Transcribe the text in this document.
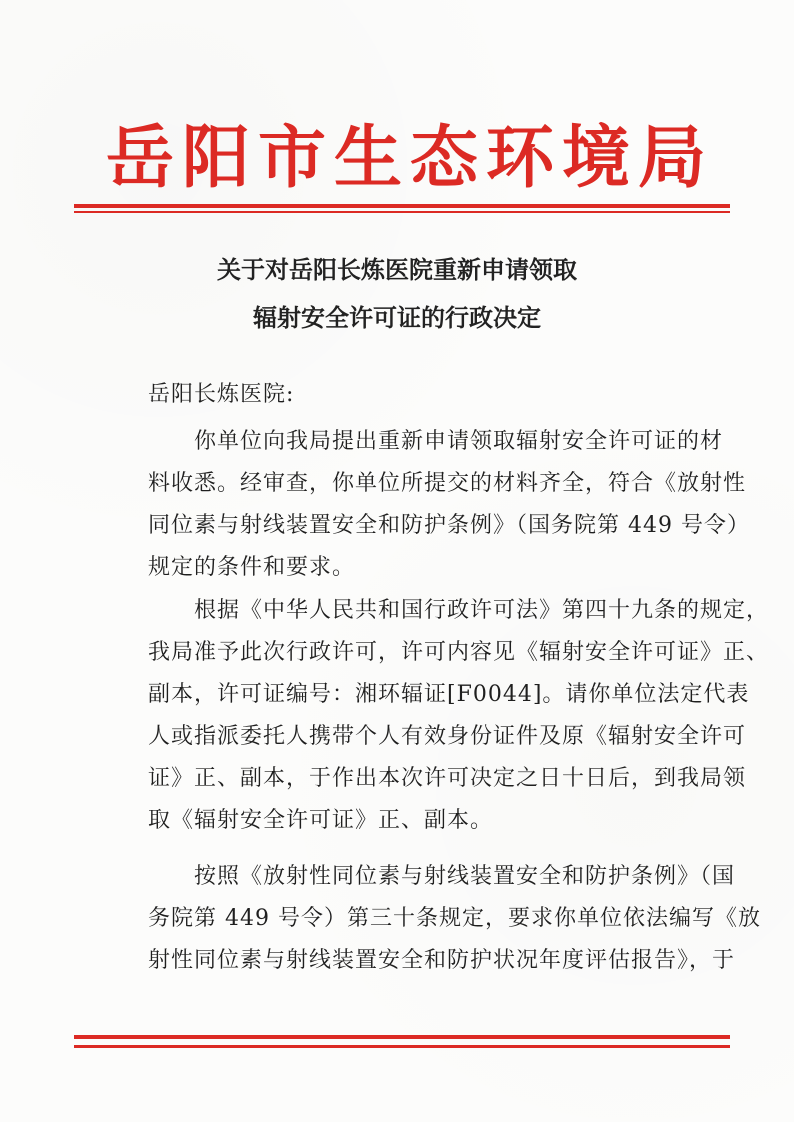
岳阳市生态环境局
关于对岳阳长炼医院重新申请领取
辐射安全许可证的行政决定
岳阳长炼医院:
　　你单位向我局提出重新申请领取辐射安全许可证的材
料收悉。经审查，你单位所提交的材料齐全，符合《放射性
同位素与射线装置安全和防护条例》（国务院第 449 号令）
规定的条件和要求。
　　根据《中华人民共和国行政许可法》第四十九条的规定，
我局准予此次行政许可，许可内容见《辐射安全许可证》正、
副本，许可证编号：湘环辐证[F0044]。请你单位法定代表
人或指派委托人携带个人有效身份证件及原《辐射安全许可
证》正、副本，于作出本次许可决定之日十日后，到我局领
取《辐射安全许可证》正、副本。
　　按照《放射性同位素与射线装置安全和防护条例》（国
务院第 449 号令）第三十条规定，要求你单位依法编写《放
射性同位素与射线装置安全和防护状况年度评估报告》，于
